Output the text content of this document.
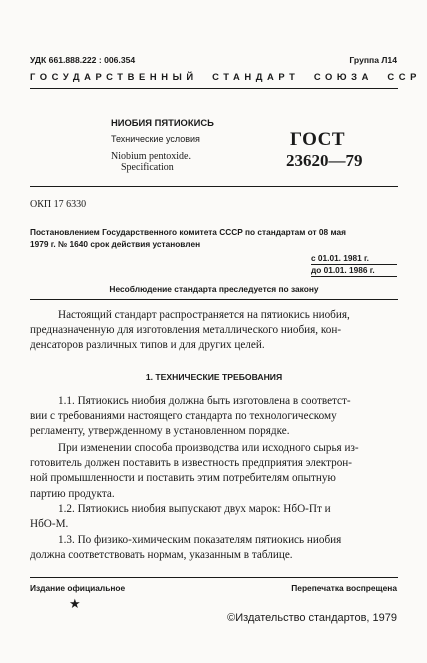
УДК 661.888.222 : 006.354	Группа Л14
ГОСУДАРСТВЕННЫЙ  СТАНДАРТ  СОЮЗА  ССР
НИОБИЯ ПЯТИОКИСЬ
Технические условия
Niobium pentoxide.
Specification
ГОСТ
23620—79
ОКП 17 6330
Постановлением Государственного комитета СССР по стандартам от 08 мая
1979 г. № 1640 срок действия установлен
с 01.01. 1981 г.
до 01.01. 1986 г.
Несоблюдение стандарта преследуется по закону
Настоящий стандарт распространяется на пятиокись ниобия,
предназначенную для изготовления металлического ниобия, кон-
денсаторов различных типов и для других целей.
1. ТЕХНИЧЕСКИЕ ТРЕБОВАНИЯ
1.1. Пятиокись ниобия должна быть изготовлена в соответст-
вии с требованиями настоящего стандарта по технологическому
регламенту, утвержденному в установленном порядке.
При изменении способа производства или исходного сырья из-
готовитель должен поставить в известность предприятия электрон-
ной промышленности и поставить этим потребителям опытную
партию продукта.
1.2. Пятиокись ниобия выпускают двух марок: НбО-Пт и
НбО-М.
1.3. По физико-химическим показателям пятиокись ниобия
должна соответствовать нормам, указанным в таблице.
Издание официальное	Перепечатка воспрещена
★
©Издательство стандартов, 1979
